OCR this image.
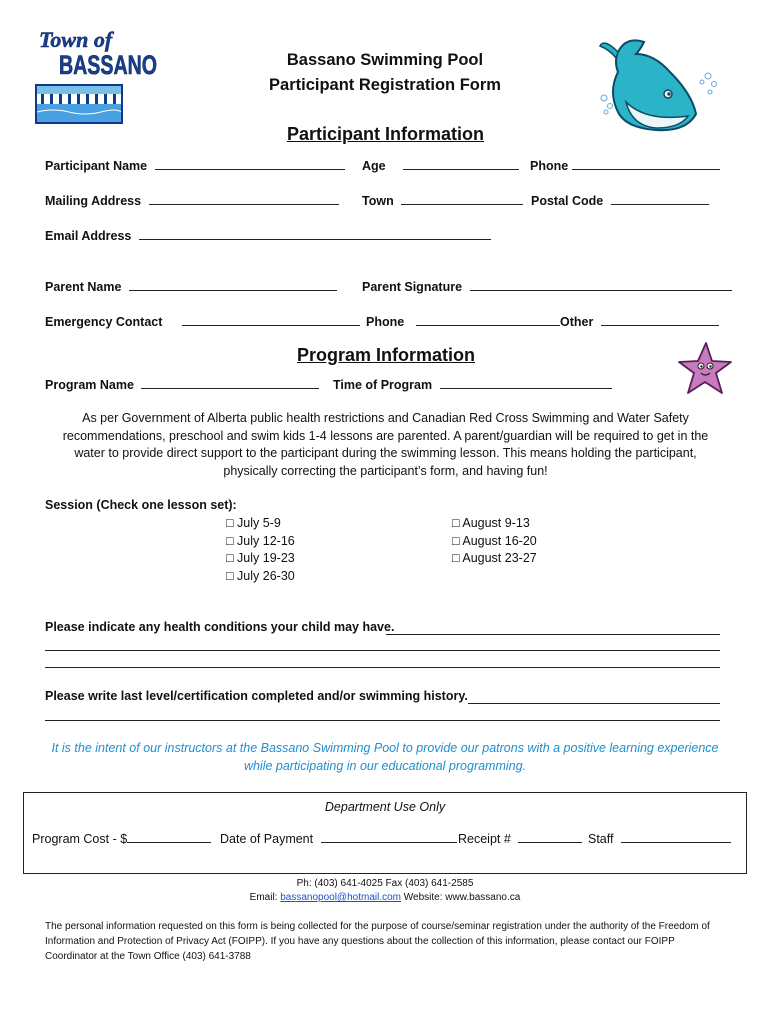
Town of
BASSANO	Bassano Swimming Pool
Participant Registration Form
Participant Information
Participant Name	Age	Phone
Mailing Address	Town	Postal Code
Email Address
Parent Name	Parent Signature
Emergency Contact	Phone	Other
Program Information
Program Name	Time of Program
As per Government of Alberta public health restrictions and Canadian Red Cross Swimming and Water Safety recommendations, preschool and swim kids 1-4 lessons are parented. A parent/guardian will be required to get in the water to provide direct support to the participant during the swimming lesson. This means holding the participant, physically correcting the participant’s form, and having fun!
Session (Check one lesson set):
□ July 5-9
□ July 12-16
□ July 19-23
□ July 26-30
□ August 9-13
□ August 16-20
□ August 23-27
Please indicate any health conditions your child may have.
Please write last level/certification completed and/or swimming history.
It is the intent of our instructors at the Bassano Swimming Pool to provide our patrons with a positive learning experience while participating in our educational programming.
Department Use Only
Program Cost - $	Date of Payment	Receipt #	Staff
Ph: (403) 641-4025 Fax (403) 641-2585
Email: bassanopool@hotmail.com Website: www.bassano.ca
The personal information requested on this form is being collected for the purpose of course/seminar registration under the authority of the Freedom of Information and Protection of Privacy Act (FOIPP). If you have any questions about the collection of this information, please contact our FOIPP Coordinator at the Town Office (403) 641-3788
